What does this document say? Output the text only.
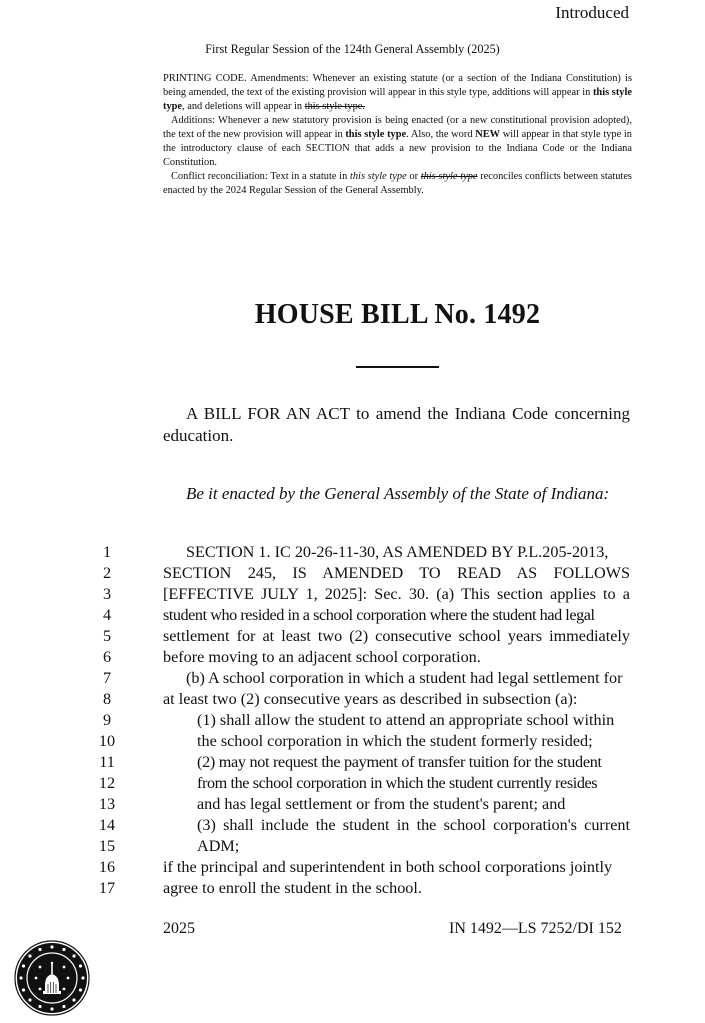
Introduced
First Regular Session of the 124th General Assembly (2025)

PRINTING CODE. Amendments: Whenever an existing statute (or a section of the Indiana Constitution) is being amended, the text of the existing provision will appear in this style type, additions will appear in this style type, and deletions will appear in this style type.

Additions: Whenever a new statutory provision is being enacted (or a new constitutional provision adopted), the text of the new provision will appear in this style type. Also, the word NEW will appear in that style type in the introductory clause of each SECTION that adds a new provision to the Indiana Code or the Indiana Constitution.

Conflict reconciliation: Text in a statute in this style type or this style type reconciles conflicts between statutes enacted by the 2024 Regular Session of the General Assembly.

HOUSE BILL No. 1492
A BILL FOR AN ACT to amend the Indiana Code concerning education.
Be it enacted by the General Assembly of the State of Indiana:
1	SECTION 1. IC 20-26-11-30, AS AMENDED BY P.L.205-2013,
2	SECTION 245, IS AMENDED TO READ AS FOLLOWS
3	[EFFECTIVE JULY 1, 2025]: Sec. 30. (a) This section applies to a
4	student who resided in a school corporation where the student had legal
5	settlement for at least two (2) consecutive school years immediately
6	before moving to an adjacent school corporation.
7	(b) A school corporation in which a student had legal settlement for
8	at least two (2) consecutive years as described in subsection (a):
9	(1) shall allow the student to attend an appropriate school within
10	the school corporation in which the student formerly resided;
11	(2) may not request the payment of transfer tuition for the student
12	from the school corporation in which the student currently resides
13	and has legal settlement or from the student's parent; and
14	(3) shall include the student in the school corporation's current
15	ADM;
16	if the principal and superintendent in both school corporations jointly
17	agree to enroll the student in the school.
2025	IN 1492—LS 7252/DI 152
